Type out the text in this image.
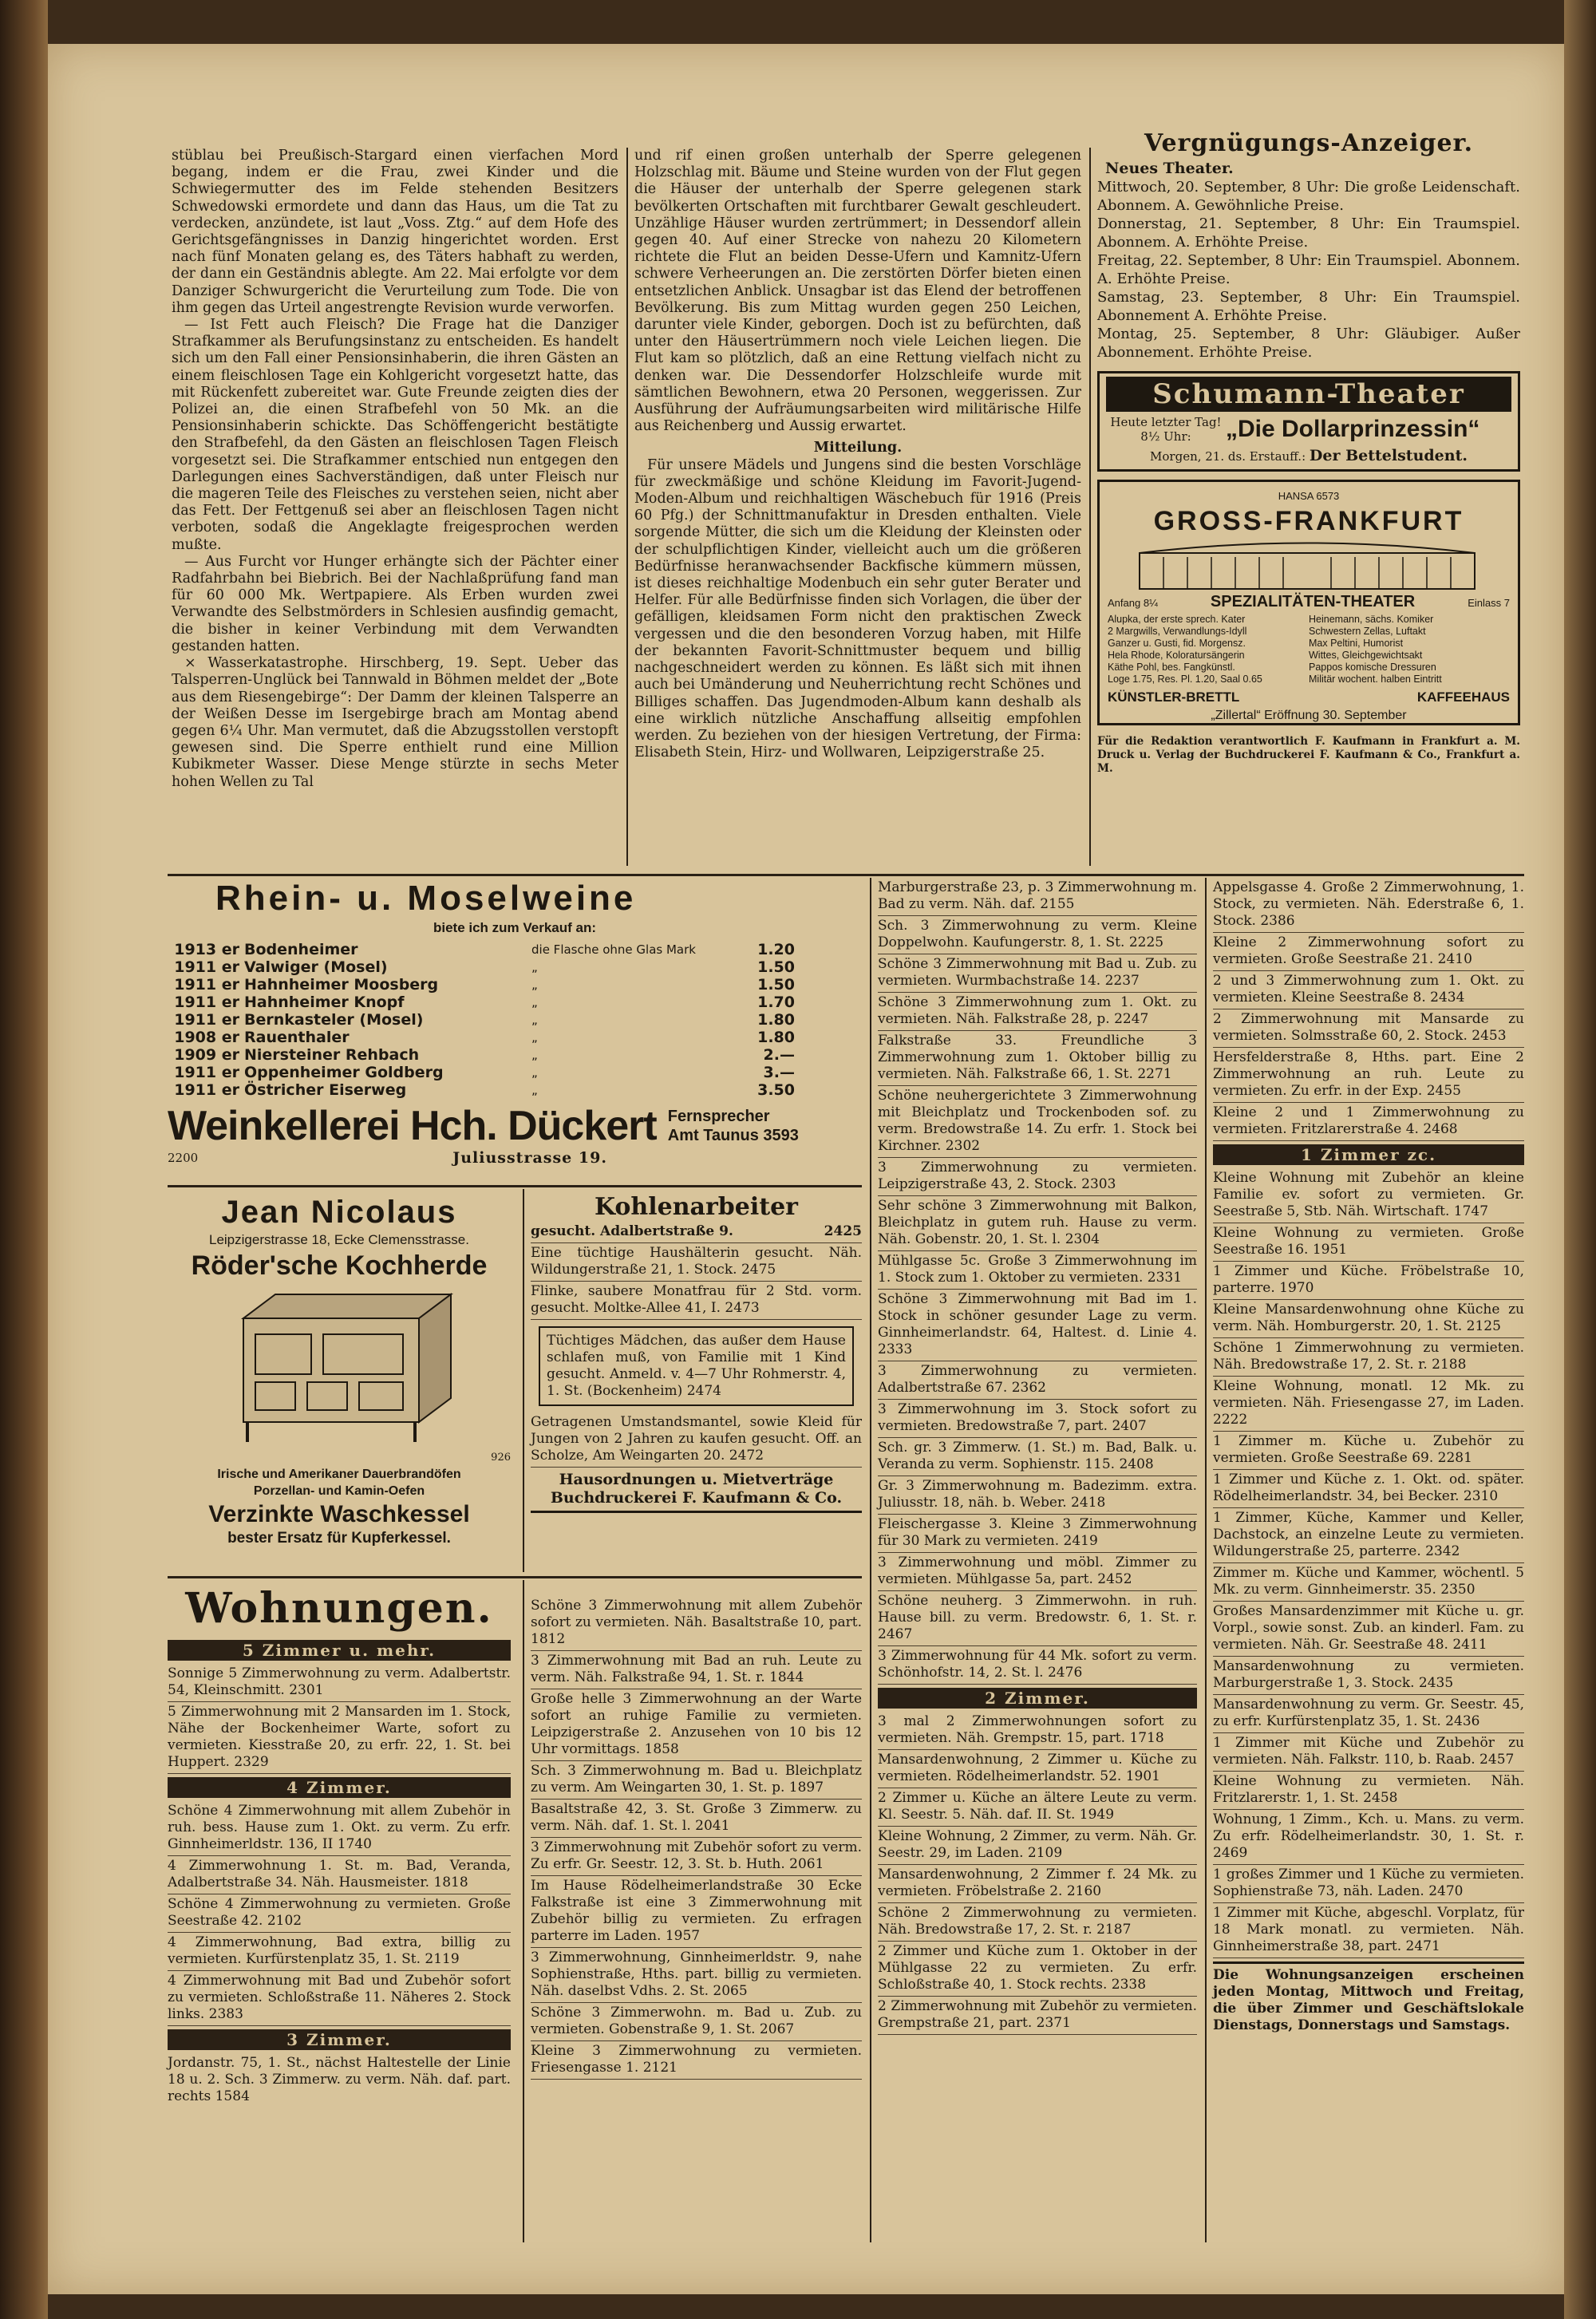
stüblau bei Preußisch-Stargard einen vierfachen Mord begang, indem er die Frau, zwei Kinder und die Schwiegermutter des im Felde stehenden Besitzers Schwedowski ermordete und dann das Haus, um die Tat zu verdecken, anzündete, ist laut „Voss. Ztg.“ auf dem Hofe des Gerichtsgefängnisses in Danzig hingerichtet worden. Erst nach fünf Monaten gelang es, des Täters habhaft zu werden, der dann ein Geständnis ablegte. Am 22. Mai erfolgte vor dem Danziger Schwurgericht die Verurteilung zum Tode. Die von ihm gegen das Urteil angestrengte Revision wurde verworfen.

— Ist Fett auch Fleisch? Die Frage hat die Danziger Strafkammer als Berufungsinstanz zu entscheiden. Es handelt sich um den Fall einer Pensionsinhaberin, die ihren Gästen an einem fleischlosen Tage ein Kohlgericht vorgesetzt hatte, das mit Rückenfett zubereitet war. Gute Freunde zeigten dies der Polizei an, die einen Strafbefehl von 50 Mk. an die Pensionsinhaberin schickte. Das Schöffengericht bestätigte den Strafbefehl, da den Gästen an fleischlosen Tagen Fleisch vorgesetzt sei. Die Strafkammer entschied nun entgegen den Darlegungen eines Sachverständigen, daß unter Fleisch nur die mageren Teile des Fleisches zu verstehen seien, nicht aber das Fett. Der Fettgenuß sei aber an fleischlosen Tagen nicht verboten, sodaß die Angeklagte freigesprochen werden mußte.

— Aus Furcht vor Hunger erhängte sich der Pächter einer Radfahrbahn bei Biebrich. Bei der Nachlaßprüfung fand man für 60 000 Mk. Wertpapiere. Als Erben wurden zwei Verwandte des Selbstmörders in Schlesien ausfindig gemacht, die bisher in keiner Verbindung mit dem Verwandten gestanden hatten.

⨯ Wasserkatastrophe. Hirschberg, 19. Sept. Ueber das Talsperren-Unglück bei Tannwald in Böhmen meldet der „Bote aus dem Riesengebirge“: Der Damm der kleinen Talsperre an der Weißen Desse im Isergebirge brach am Montag abend gegen 6¼ Uhr. Man vermutet, daß die Abzugsstollen verstopft gewesen sind. Die Sperre enthielt rund eine Million Kubikmeter Wasser. Diese Menge stürzte in sechs Meter hohen Wellen zu Tal

und rif einen großen unterhalb der Sperre gelegenen Holzschlag mit. Bäume und Steine wurden von der Flut gegen die Häuser der unterhalb der Sperre gelegenen stark bevölkerten Ortschaften mit furchtbarer Gewalt geschleudert. Unzählige Häuser wurden zertrümmert; in Dessendorf allein gegen 40. Auf einer Strecke von nahezu 20 Kilometern richtete die Flut an beiden Desse-Ufern und Kamnitz-Ufern schwere Verheerungen an. Die zerstörten Dörfer bieten einen entsetzlichen Anblick. Unsagbar ist das Elend der betroffenen Bevölkerung. Bis zum Mittag wurden gegen 250 Leichen, darunter viele Kinder, geborgen. Doch ist zu befürchten, daß unter den Häusertrümmern noch viele Leichen liegen. Die Flut kam so plötzlich, daß an eine Rettung vielfach nicht zu denken war. Die Dessendorfer Holzschleife wurde mit sämtlichen Bewohnern, etwa 20 Personen, weggerissen. Zur Ausführung der Aufräumungsarbeiten wird militärische Hilfe aus Reichenberg und Aussig erwartet.

Mitteilung.

Für unsere Mädels und Jungens sind die besten Vorschläge für zweckmäßige und schöne Kleidung im Favorit-Jugend-Moden-Album und reichhaltigen Wäschebuch für 1916 (Preis 60 Pfg.) der Schnittmanufaktur in Dresden enthalten. Viele sorgende Mütter, die sich um die Kleidung der Kleinsten oder der schulpflichtigen Kinder, vielleicht auch um die größeren Bedürfnisse heranwachsender Backfische kümmern müssen, ist dieses reichhaltige Modenbuch ein sehr guter Berater und Helfer. Für alle Bedürfnisse finden sich Vorlagen, die über der gefälligen, kleidsamen Form nicht den praktischen Zweck vergessen und die den besonderen Vorzug haben, mit Hilfe der bekannten Favorit-Schnittmuster bequem und billig nachgeschneidert werden zu können. Es läßt sich mit ihnen auch bei Umänderung und Neuherrichtung recht Schönes und Billiges schaffen. Das Jugendmoden-Album kann deshalb als eine wirklich nützliche Anschaffung allseitig empfohlen werden. Zu beziehen von der hiesigen Vertretung, der Firma: Elisabeth Stein, Hirz- und Wollwaren, Leipzigerstraße 25.

Vergnügungs-Anzeiger.
Neues Theater.

Mittwoch, 20. September, 8 Uhr: Die große Leidenschaft. Abonnem. A. Gewöhnliche Preise.

Donnerstag, 21. September, 8 Uhr: Ein Traumspiel. Abonnem. A. Erhöhte Preise.

Freitag, 22. September, 8 Uhr: Ein Traumspiel. Abonnem. A. Erhöhte Preise.

Samstag, 23. September, 8 Uhr: Ein Traumspiel. Abonnement A. Erhöhte Preise.

Montag, 25. September, 8 Uhr: Gläubiger. Außer Abonnement. Erhöhte Preise.

Schumann-Theater
Heute letzter Tag!
8½ Uhr:	„Die Dollarprinzessin“
Morgen, 21. ds. Erstauff.: Der Bettelstudent.
HANSA 6573
GROSS-FRANKFURT
Anfang 8¼	SPEZIALITÄTEN-THEATER	Einlass 7
Alupka, der erste sprech. Kater
2 Margwills, Verwandlungs-Idyll
Ganzer u. Gusti, fid. Morgensz.
Hela Rhode, Koloratursängerin
Käthe Pohl, bes. Fangkünstl.
Loge 1.75, Res. Pl. 1.20, Saal 0.65
Heinemann, sächs. Komiker
Schwestern Zellas, Luftakt
Max Peltini, Humorist
Wittes, Gleichgewichtsakt
Pappos komische Dressuren
Militär wochent. halben Eintritt
KÜNSTLER-BRETTL	KAFFEEHAUS
„Zillertal“ Eröffnung 30. September
Für die Redaktion verantwortlich F. Kaufmann in Frankfurt a. M. Druck u. Verlag der Buchdruckerei F. Kaufmann & Co., Frankfurt a. M.
Rhein- u. Moselweine
biete ich zum Verkauf an:
1913 er Bodenheimer	die Flasche ohne Glas Mark	1.20
1911 er Valwiger (Mosel)	„	1.50
1911 er Hahnheimer Moosberg	„	1.50
1911 er Hahnheimer Knopf	„	1.70
1911 er Bernkasteler (Mosel)	„	1.80
1908 er Rauenthaler	„	1.80
1909 er Niersteiner Rehbach	„	2.—
1911 er Oppenheimer Goldberg	„	3.—
1911 er Östricher Eiserweg	„	3.50
Weinkellerei Hch. Dückert Fernsprecher
Amt Taunus 3593
2200	Juliusstrasse 19.
Jean Nicolaus
Leipzigerstrasse 18, Ecke Clemensstrasse.
Röder'sche Kochherde
926
Irische und Amerikaner Dauerbrandöfen
Porzellan- und Kamin-Oefen
Verzinkte Waschkessel
bester Ersatz für Kupferkessel.
Kohlenarbeiter
gesucht. Adalbertstraße 9.	2425
Eine tüchtige Haushälterin gesucht. Näh. Wildungerstraße 21, 1. Stock. 2475
Flinke, saubere Monatfrau für 2 Std. vorm. gesucht. Moltke-Allee 41, I. 2473
Tüchtiges Mädchen, das außer dem Hause schlafen muß, von Familie mit 1 Kind gesucht. Anmeld. v. 4—7 Uhr Rohmerstr. 4, 1. St. (Bockenheim) 2474
Getragenen Umstandsmantel, sowie Kleid für Jungen von 2 Jahren zu kaufen gesucht. Off. an Scholze, Am Weingarten 20. 2472
Hausordnungen u. Mietverträge Buchdruckerei F. Kaufmann & Co.
Wohnungen.
5 Zimmer u. mehr.
Sonnige 5 Zimmerwohnung zu verm. Adalbertstr. 54, Kleinschmitt. 2301
5 Zimmerwohnung mit 2 Mansarden im 1. Stock, Nähe der Bockenheimer Warte, sofort zu vermieten. Kiesstraße 20, zu erfr. 22, 1. St. bei Huppert. 2329
4 Zimmer.
Schöne 4 Zimmerwohnung mit allem Zubehör in ruh. bess. Hause zum 1. Okt. zu verm. Zu erfr. Ginnheimerldstr. 136, II 1740
4 Zimmerwohnung 1. St. m. Bad, Veranda, Adalbertstraße 34. Näh. Hausmeister. 1818
Schöne 4 Zimmerwohnung zu vermieten. Große Seestraße 42. 2102
4 Zimmerwohnung, Bad extra, billig zu vermieten. Kurfürstenplatz 35, 1. St. 2119
4 Zimmerwohnung mit Bad und Zubehör sofort zu vermieten. Schloßstraße 11. Näheres 2. Stock links. 2383
3 Zimmer.
Jordanstr. 75, 1. St., nächst Haltestelle der Linie 18 u. 2. Sch. 3 Zimmerw. zu verm. Näh. daf. part. rechts 1584
Schöne 3 Zimmerwohnung mit allem Zubehör sofort zu vermieten. Näh. Basaltstraße 10, part. 1812
3 Zimmerwohnung mit Bad an ruh. Leute zu verm. Näh. Falkstraße 94, 1. St. r. 1844
Große helle 3 Zimmerwohnung an der Warte sofort an ruhige Familie zu vermieten. Leipzigerstraße 2. Anzusehen von 10 bis 12 Uhr vormittags. 1858
Sch. 3 Zimmerwohnung m. Bad u. Bleichplatz zu verm. Am Weingarten 30, 1. St. p. 1897
Basaltstraße 42, 3. St. Große 3 Zimmerw. zu verm. Näh. daf. 1. St. l. 2041
3 Zimmerwohnung mit Zubehör sofort zu verm. Zu erfr. Gr. Seestr. 12, 3. St. b. Huth. 2061
Im Hause Rödelheimerlandstraße 30 Ecke Falkstraße ist eine 3 Zimmerwohnung mit Zubehör billig zu vermieten. Zu erfragen parterre im Laden. 1957
3 Zimmerwohnung, Ginnheimerldstr. 9, nahe Sophienstraße, Hths. part. billig zu vermieten. Näh. daselbst Vdhs. 2. St. 2065
Schöne 3 Zimmerwohn. m. Bad u. Zub. zu vermieten. Gobenstraße 9, 1. St. 2067
Kleine 3 Zimmerwohnung zu vermieten. Friesengasse 1. 2121
Marburgerstraße 23, p. 3 Zimmerwohnung m. Bad zu verm. Näh. daf. 2155
Sch. 3 Zimmerwohnung zu verm. Kleine Doppelwohn. Kaufungerstr. 8, 1. St. 2225
Schöne 3 Zimmerwohnung mit Bad u. Zub. zu vermieten. Wurmbachstraße 14. 2237
Schöne 3 Zimmerwohnung zum 1. Okt. zu vermieten. Näh. Falkstraße 28, p. 2247
Falkstraße 33. Freundliche 3 Zimmerwohnung zum 1. Oktober billig zu vermieten. Näh. Falkstraße 66, 1. St. 2271
Schöne neuhergerichtete 3 Zimmerwohnung mit Bleichplatz und Trockenboden sof. zu verm. Bredowstraße 14. Zu erfr. 1. Stock bei Kirchner. 2302
3 Zimmerwohnung zu vermieten. Leipzigerstraße 43, 2. Stock. 2303
Sehr schöne 3 Zimmerwohnung mit Balkon, Bleichplatz in gutem ruh. Hause zu verm. Näh. Gobenstr. 20, 1. St. l. 2304
Mühlgasse 5c. Große 3 Zimmerwohnung im 1. Stock zum 1. Oktober zu vermieten. 2331
Schöne 3 Zimmerwohnung mit Bad im 1. Stock in schöner gesunder Lage zu verm. Ginnheimerlandstr. 64, Haltest. d. Linie 4. 2333
3 Zimmerwohnung zu vermieten. Adalbertstraße 67. 2362
3 Zimmerwohnung im 3. Stock sofort zu vermieten. Bredowstraße 7, part. 2407
Sch. gr. 3 Zimmerw. (1. St.) m. Bad, Balk. u. Veranda zu verm. Sophienstr. 115. 2408
Gr. 3 Zimmerwohnung m. Badezimm. extra. Juliusstr. 18, näh. b. Weber. 2418
Fleischergasse 3. Kleine 3 Zimmerwohnung für 30 Mark zu vermieten. 2419
3 Zimmerwohnung und möbl. Zimmer zu vermieten. Mühlgasse 5a, part. 2452
Schöne neuherg. 3 Zimmerwohn. in ruh. Hause bill. zu verm. Bredowstr. 6, 1. St. r. 2467
3 Zimmerwohnung für 44 Mk. sofort zu verm. Schönhofstr. 14, 2. St. l. 2476
2 Zimmer.
3 mal 2 Zimmerwohnungen sofort zu vermieten. Näh. Grempstr. 15, part. 1718
Mansardenwohnung, 2 Zimmer u. Küche zu vermieten. Rödelheimerlandstr. 52. 1901
2 Zimmer u. Küche an ältere Leute zu verm. Kl. Seestr. 5. Näh. daf. II. St. 1949
Kleine Wohnung, 2 Zimmer, zu verm. Näh. Gr. Seestr. 29, im Laden. 2109
Mansardenwohnung, 2 Zimmer f. 24 Mk. zu vermieten. Fröbelstraße 2. 2160
Schöne 2 Zimmerwohnung zu vermieten. Näh. Bredowstraße 17, 2. St. r. 2187
2 Zimmer und Küche zum 1. Oktober in der Mühlgasse 22 zu vermieten. Zu erfr. Schloßstraße 40, 1. Stock rechts. 2338
2 Zimmerwohnung mit Zubehör zu vermieten. Grempstraße 21, part. 2371
Appelsgasse 4. Große 2 Zimmerwohnung, 1. Stock, zu vermieten. Näh. Ederstraße 6, 1. Stock. 2386
Kleine 2 Zimmerwohnung sofort zu vermieten. Große Seestraße 21. 2410
2 und 3 Zimmerwohnung zum 1. Okt. zu vermieten. Kleine Seestraße 8. 2434
2 Zimmerwohnung mit Mansarde zu vermieten. Solmsstraße 60, 2. Stock. 2453
Hersfelderstraße 8, Hths. part. Eine 2 Zimmerwohnung an ruh. Leute zu vermieten. Zu erfr. in der Exp. 2455
Kleine 2 und 1 Zimmerwohnung zu vermieten. Fritzlarerstraße 4. 2468
1 Zimmer zc.
Kleine Wohnung mit Zubehör an kleine Familie ev. sofort zu vermieten. Gr. Seestraße 5, Stb. Näh. Wirtschaft. 1747
Kleine Wohnung zu vermieten. Große Seestraße 16. 1951
1 Zimmer und Küche. Fröbelstraße 10, parterre. 1970
Kleine Mansardenwohnung ohne Küche zu verm. Näh. Homburgerstr. 20, 1. St. 2125
Schöne 1 Zimmerwohnung zu vermieten. Näh. Bredowstraße 17, 2. St. r. 2188
Kleine Wohnung, monatl. 12 Mk. zu vermieten. Näh. Friesengasse 27, im Laden. 2222
1 Zimmer m. Küche u. Zubehör zu vermieten. Große Seestraße 69. 2281
1 Zimmer und Küche z. 1. Okt. od. später. Rödelheimerlandstr. 34, bei Becker. 2310
1 Zimmer, Küche, Kammer und Keller, Dachstock, an einzelne Leute zu vermieten. Wildungerstraße 25, parterre. 2342
Zimmer m. Küche und Kammer, wöchentl. 5 Mk. zu verm. Ginnheimerstr. 35. 2350
Großes Mansardenzimmer mit Küche u. gr. Vorpl., sowie sonst. Zub. an kinderl. Fam. zu vermieten. Näh. Gr. Seestraße 48. 2411
Mansardenwohnung zu vermieten. Marburgerstraße 1, 3. Stock. 2435
Mansardenwohnung zu verm. Gr. Seestr. 45, zu erfr. Kurfürstenplatz 35, 1. St. 2436
1 Zimmer mit Küche und Zubehör zu vermieten. Näh. Falkstr. 110, b. Raab. 2457
Kleine Wohnung zu vermieten. Näh. Fritzlarerstr. 1, 1. St. 2458
Wohnung, 1 Zimm., Kch. u. Mans. zu verm. Zu erfr. Rödelheimerlandstr. 30, 1. St. r. 2469
1 großes Zimmer und 1 Küche zu vermieten. Sophienstraße 73, näh. Laden. 2470
1 Zimmer mit Küche, abgeschl. Vorplatz, für 18 Mark monatl. zu vermieten. Näh. Ginnheimerstraße 38, part. 2471
Die Wohnungsanzeigen erscheinen jeden Montag, Mittwoch und Freitag, die über Zimmer und Geschäftslokale Dienstags, Donnerstags und Samstags.
